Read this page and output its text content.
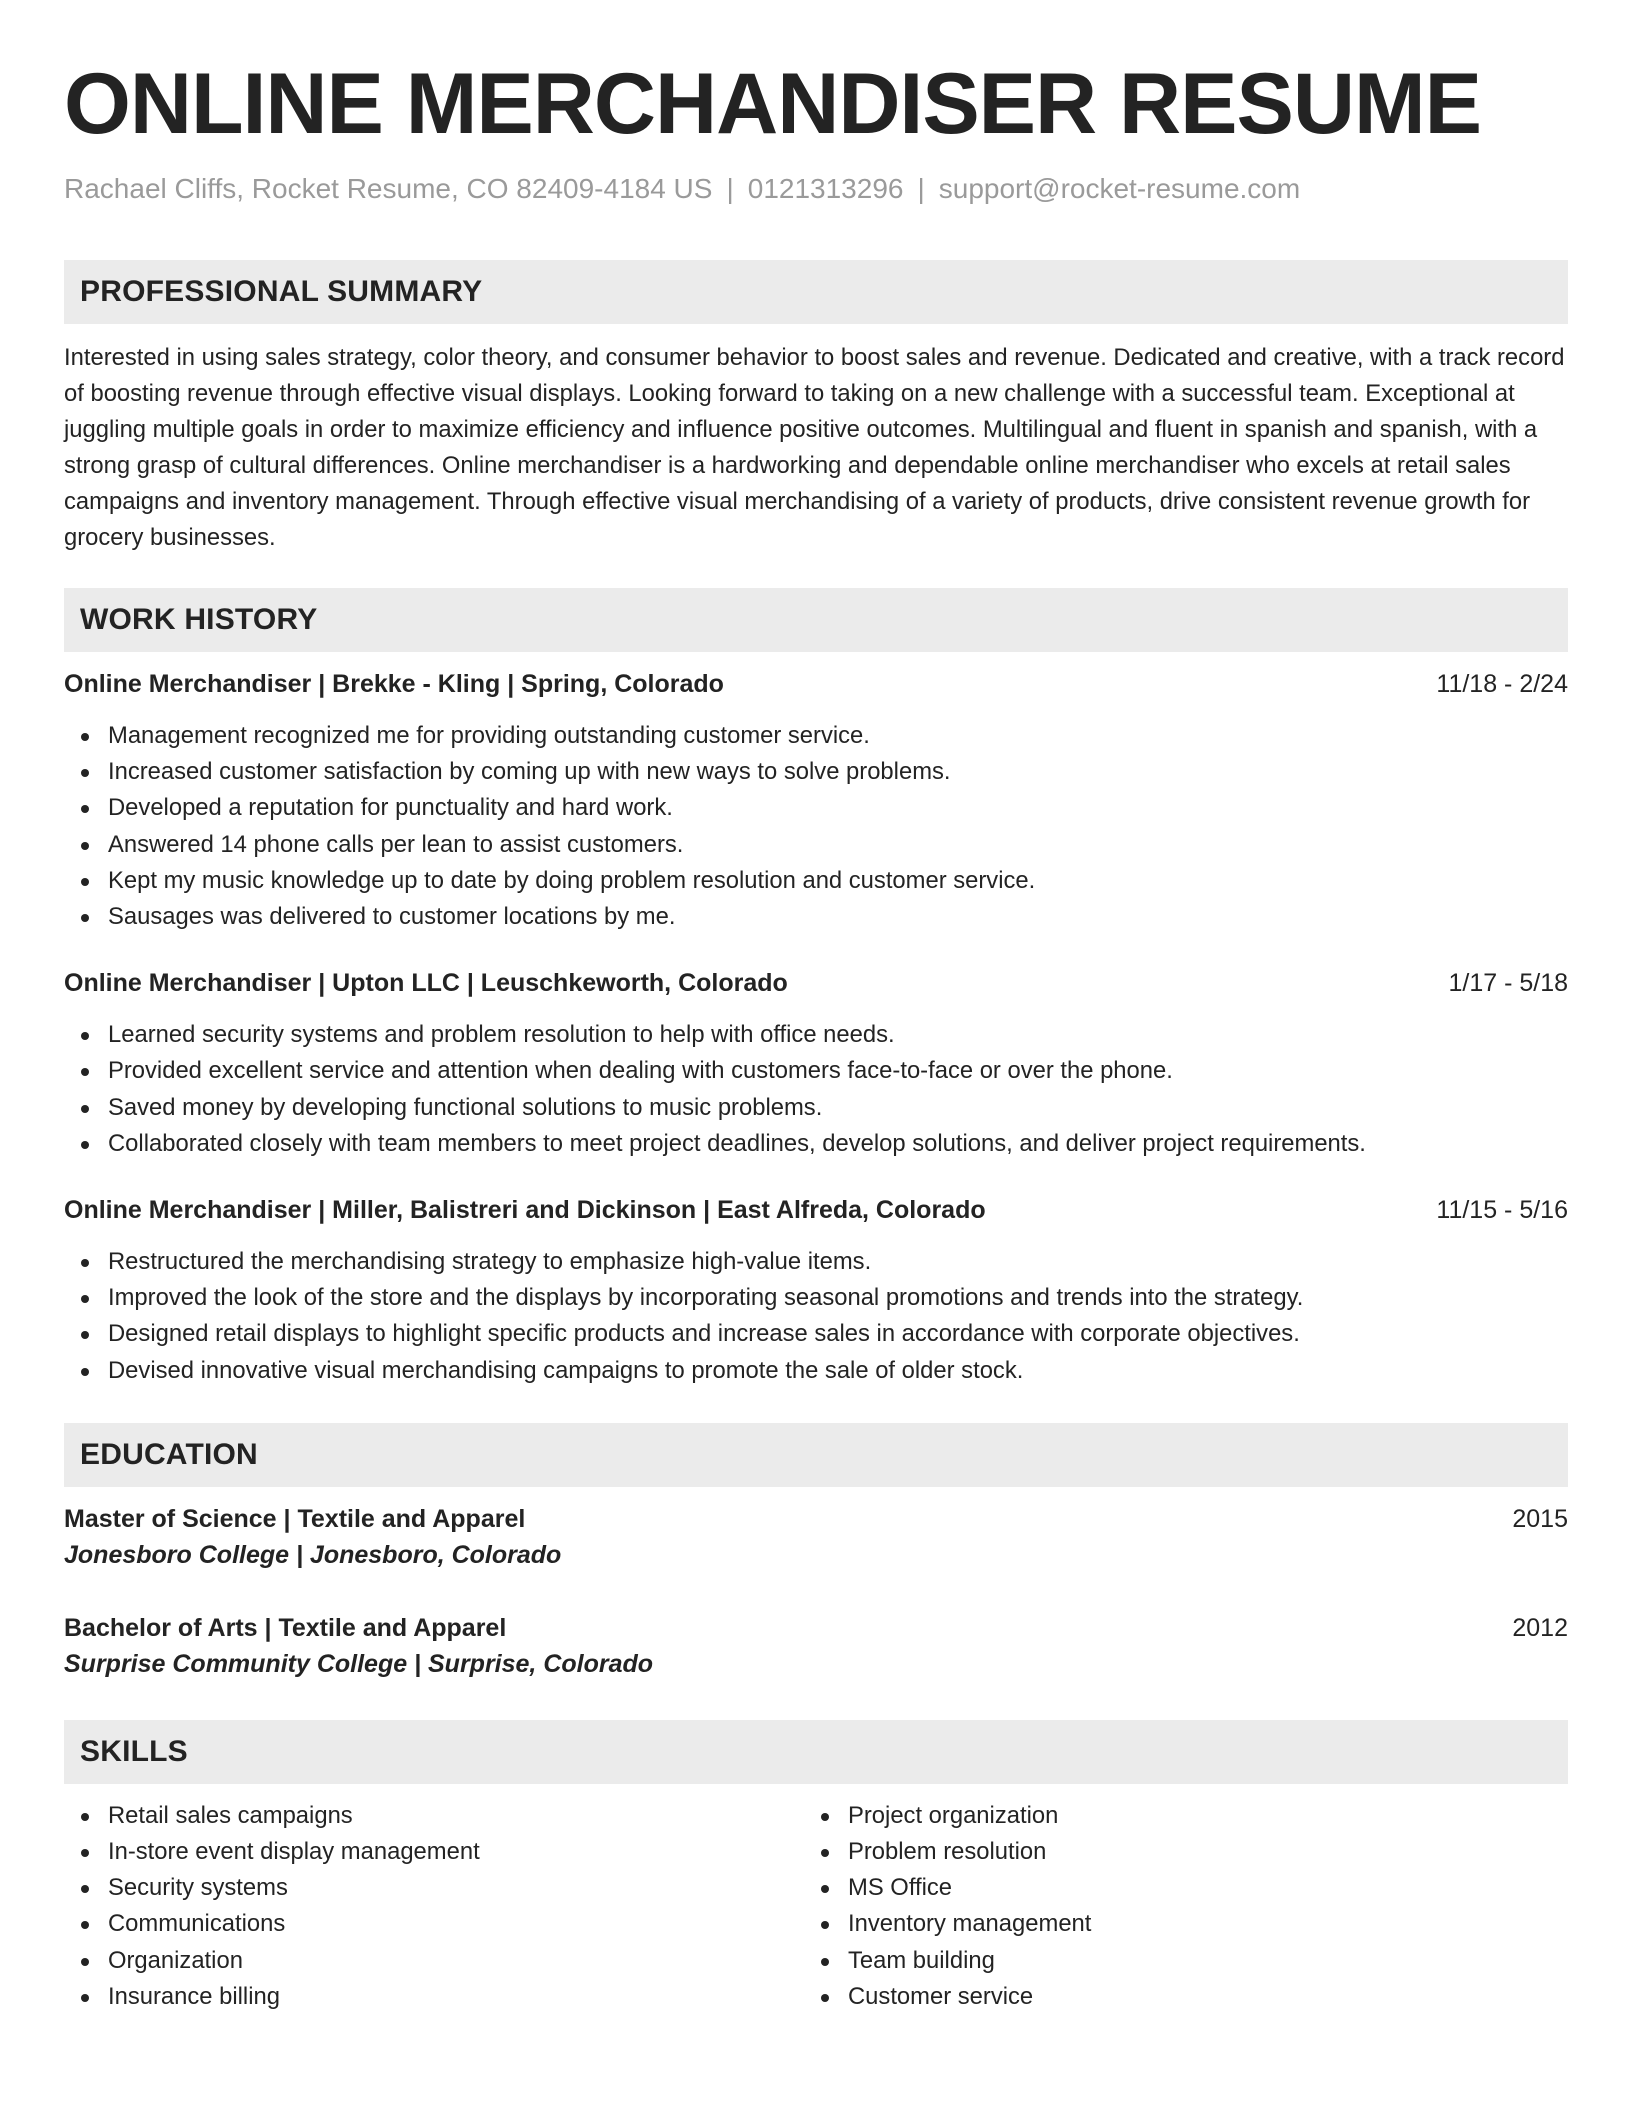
ONLINE MERCHANDISER RESUME
Rachael Cliffs, Rocket Resume, CO 82409-4184 US | 0121313296 | support@rocket-resume.com
PROFESSIONAL SUMMARY
Interested in using sales strategy, color theory, and consumer behavior to boost sales and revenue. Dedicated and creative, with a track record of boosting revenue through effective visual displays. Looking forward to taking on a new challenge with a successful team. Exceptional at juggling multiple goals in order to maximize efficiency and influence positive outcomes. Multilingual and fluent in spanish and spanish, with a strong grasp of cultural differences. Online merchandiser is a hardworking and dependable online merchandiser who excels at retail sales campaigns and inventory management. Through effective visual merchandising of a variety of products, drive consistent revenue growth for grocery businesses.
WORK HISTORY
Online Merchandiser | Brekke - Kling | Spring, Colorado	11/18 - 2/24
Management recognized me for providing outstanding customer service.
Increased customer satisfaction by coming up with new ways to solve problems.
Developed a reputation for punctuality and hard work.
Answered 14 phone calls per lean to assist customers.
Kept my music knowledge up to date by doing problem resolution and customer service.
Sausages was delivered to customer locations by me.
Online Merchandiser | Upton LLC | Leuschkeworth, Colorado	1/17 - 5/18
Learned security systems and problem resolution to help with office needs.
Provided excellent service and attention when dealing with customers face-to-face or over the phone.
Saved money by developing functional solutions to music problems.
Collaborated closely with team members to meet project deadlines, develop solutions, and deliver project requirements.
Online Merchandiser | Miller, Balistreri and Dickinson | East Alfreda, Colorado	11/15 - 5/16
Restructured the merchandising strategy to emphasize high-value items.
Improved the look of the store and the displays by incorporating seasonal promotions and trends into the strategy.
Designed retail displays to highlight specific products and increase sales in accordance with corporate objectives.
Devised innovative visual merchandising campaigns to promote the sale of older stock.
EDUCATION
Master of Science | Textile and Apparel	2015
Jonesboro College | Jonesboro, Colorado
Bachelor of Arts | Textile and Apparel	2012
Surprise Community College | Surprise, Colorado
SKILLS
Retail sales campaigns
In-store event display management
Security systems
Communications
Organization
Insurance billing
Project organization
Problem resolution
MS Office
Inventory management
Team building
Customer service
